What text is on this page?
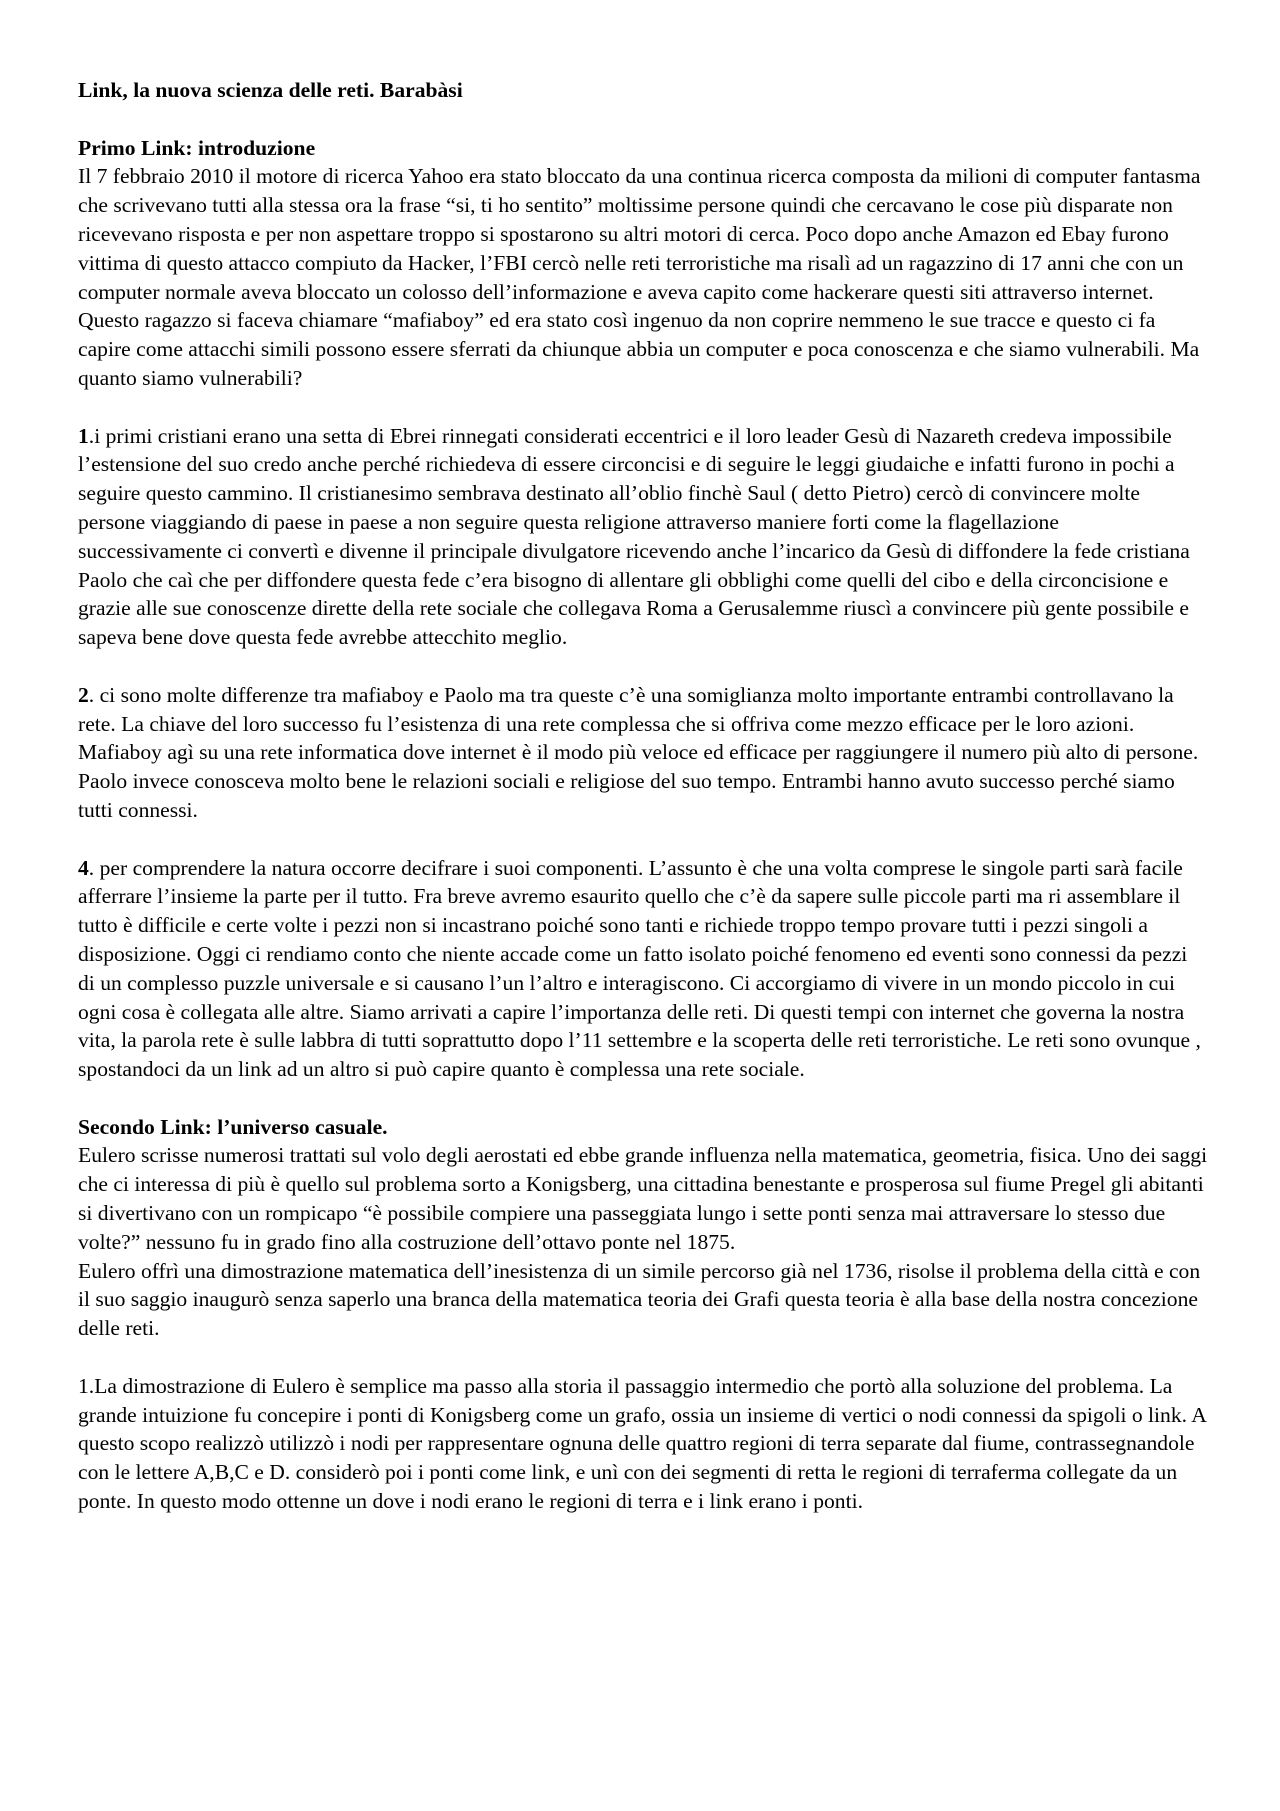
Link, la nuova scienza delle reti. Barabàsi

Primo Link: introduzione

Il 7 febbraio 2010 il motore di ricerca Yahoo era stato bloccato da una continua ricerca composta da milioni di computer fantasma che scrivevano tutti alla stessa ora la frase “si, ti ho sentito” moltissime persone quindi che cercavano le cose più disparate non ricevevano risposta e per non aspettare troppo si spostarono su altri motori di cerca. Poco dopo anche Amazon ed Ebay furono vittima di questo attacco compiuto da Hacker, l’FBI cercò nelle reti terroristiche ma risalì ad un ragazzino di 17 anni che con un computer normale aveva bloccato un colosso dell’informazione e aveva capito come hackerare questi siti attraverso internet. Questo ragazzo si faceva chiamare “mafiaboy” ed era stato così ingenuo da non coprire nemmeno le sue tracce e questo ci fa capire come attacchi simili possono essere sferrati da chiunque abbia un computer e poca conoscenza e che siamo vulnerabili. Ma quanto siamo vulnerabili?

1.i primi cristiani erano una setta di Ebrei rinnegati considerati eccentrici e il loro leader Gesù di Nazareth credeva impossibile l’estensione del suo credo anche perché richiedeva di essere circoncisi e di seguire le leggi giudaiche e infatti furono in pochi a seguire questo cammino. Il cristianesimo sembrava destinato all’oblio finchè Saul ( detto Pietro) cercò di convincere molte persone viaggiando di paese in paese a non seguire questa religione attraverso maniere forti come la flagellazione successivamente ci convertì e divenne il principale divulgatore ricevendo anche l’incarico da Gesù di diffondere la fede cristiana Paolo che caì che per diffondere questa fede c’era bisogno di allentare gli obblighi come quelli del cibo e della circoncisione e grazie alle sue conoscenze dirette della rete sociale che collegava Roma a Gerusalemme riuscì a convincere più gente possibile e sapeva bene dove questa fede avrebbe attecchito meglio.

2. ci sono molte differenze tra mafiaboy e Paolo ma tra queste c’è una somiglianza molto importante entrambi controllavano la rete. La chiave del loro successo fu l’esistenza di una rete complessa che si offriva come mezzo efficace per le loro azioni. Mafiaboy agì su una rete informatica dove internet è il modo più veloce ed efficace per raggiungere il numero più alto di persone. Paolo invece conosceva molto bene le relazioni sociali e religiose del suo tempo. Entrambi hanno avuto successo perché siamo tutti connessi.

4. per comprendere la natura occorre decifrare i suoi componenti. L’assunto è che una volta comprese le singole parti sarà facile afferrare l’insieme la parte per il tutto. Fra breve avremo esaurito quello che c’è da sapere sulle piccole parti ma ri assemblare il tutto è difficile e certe volte i pezzi non si incastrano poiché sono tanti e richiede troppo tempo provare tutti i pezzi singoli a disposizione. Oggi ci rendiamo conto che niente accade come un fatto isolato poiché fenomeno ed eventi sono connessi da pezzi di un complesso puzzle universale e si causano l’un l’altro e interagiscono. Ci accorgiamo di vivere in un mondo piccolo in cui ogni cosa è collegata alle altre. Siamo arrivati a capire l’importanza delle reti. Di questi tempi con internet che governa la nostra vita, la parola rete è sulle labbra di tutti soprattutto dopo l’11 settembre e la scoperta delle reti terroristiche. Le reti sono ovunque , spostandoci da un link ad un altro si può capire quanto è complessa una rete sociale.

Secondo Link: l’universo casuale.

Eulero scrisse numerosi trattati sul volo degli aerostati ed ebbe grande influenza nella matematica, geometria, fisica. Uno dei saggi che ci interessa di più è quello sul problema sorto a Konigsberg, una cittadina benestante e prosperosa sul fiume Pregel gli abitanti si divertivano con un rompicapo “è possibile compiere una passeggiata lungo i sette ponti senza mai attraversare lo stesso due volte?” nessuno fu in grado fino alla costruzione dell’ottavo ponte nel 1875.

Eulero offrì una dimostrazione matematica dell’inesistenza di un simile percorso già nel 1736, risolse il problema della città e con il suo saggio inaugurò senza saperlo una branca della matematica teoria dei Grafi questa teoria è alla base della nostra concezione delle reti.

1.La dimostrazione di Eulero è semplice ma passo alla storia il passaggio intermedio che portò alla soluzione del problema. La grande intuizione fu concepire i ponti di Konigsberg come un grafo, ossia un insieme di vertici o nodi connessi da spigoli o link. A questo scopo realizzò utilizzò i nodi per rappresentare ognuna delle quattro regioni di terra separate dal fiume, contrassegnandole con le lettere A,B,C e D. considerò poi i ponti come link, e unì con dei segmenti di retta le regioni di terraferma collegate da un ponte. In questo modo ottenne un dove i nodi erano le regioni di terra e i link erano i ponti.
